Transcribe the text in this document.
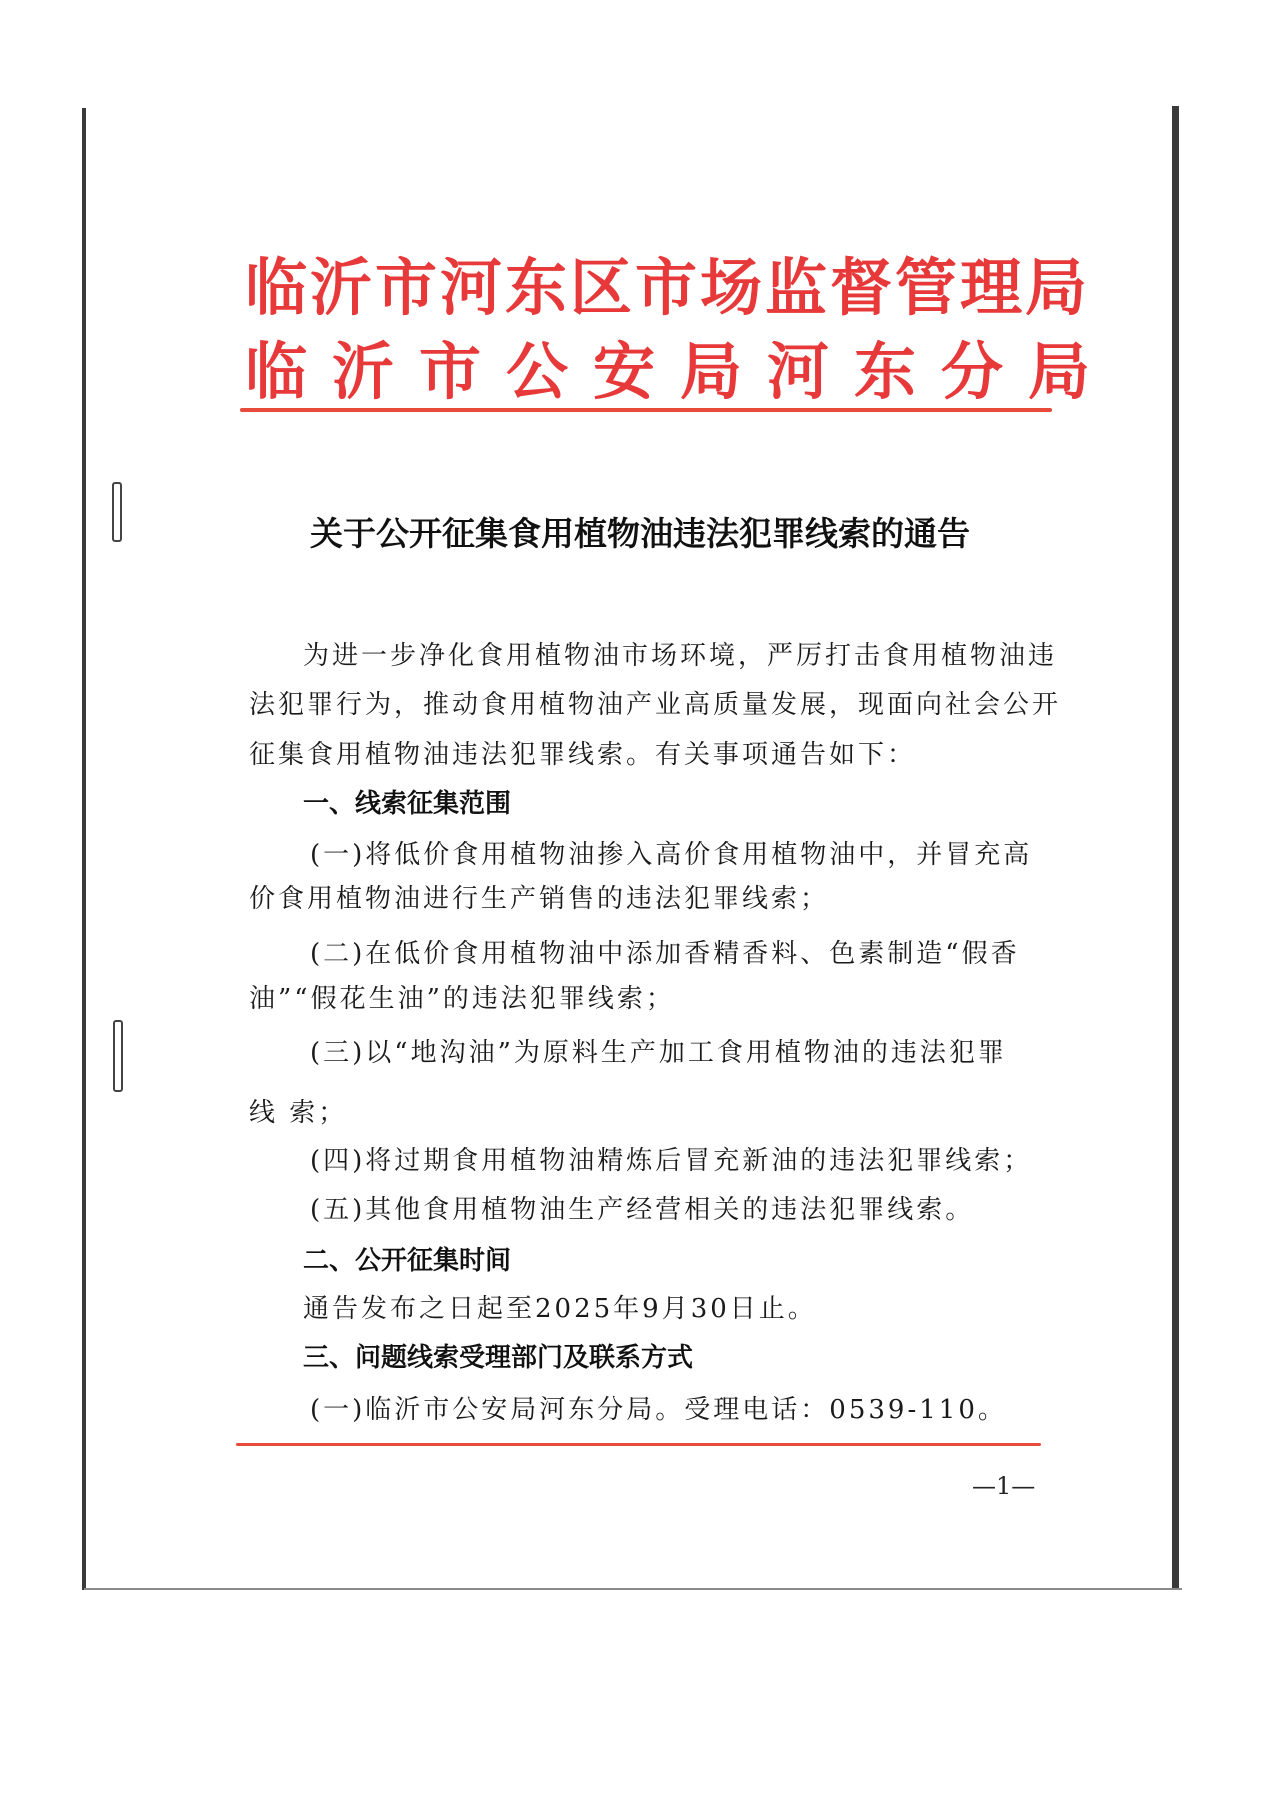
临沂市河东区市场监督管理局
临沂市公安局河东分局
关于公开征集食用植物油违法犯罪线索的通告
为进一步净化食用植物油市场环境，严厉打击食用植物油违
法犯罪行为，推动食用植物油产业高质量发展，现面向社会公开
征集食用植物油违法犯罪线索。有关事项通告如下：
一、线索征集范围
(一)将低价食用植物油掺入高价食用植物油中，并冒充高
价食用植物油进行生产销售的违法犯罪线索；
(二)在低价食用植物油中添加香精香料、色素制造“假香
油”“假花生油”的违法犯罪线索；
(三)以“地沟油”为原料生产加工食用植物油的违法犯罪
线 索；
(四)将过期食用植物油精炼后冒充新油的违法犯罪线索；
(五)其他食用植物油生产经营相关的违法犯罪线索。
二、公开征集时间
通告发布之日起至2025年9月30日止。
三、问题线索受理部门及联系方式
(一)临沂市公安局河东分局。受理电话：0539-110。
—1—
